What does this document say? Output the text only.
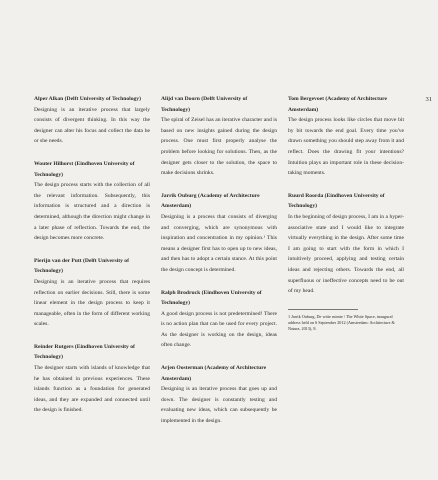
31

Alper Alkan (Delft University of Technology)

Designing is an iterative process that largely consists of divergent thinking. In this way the designer can alter his focus and collect the data he or she needs.

Wouter Hilhorst (Eindhoven University of Technology)

The design process starts with the collection of all the relevant information. Subsequently, this information is structured and a direction is determined, although the direction might change in a later phase of reflection. Towards the end, the design becomes more concrete.

Pierijn van der Putt (Delft University of Technology)

Designing is an iterative process that requires reflection on earlier decisions. Still, there is some linear element in the design process to keep it manageable, often in the form of different working scales.

Reinder Rutgers (Eindhoven University of Technology)

The designer starts with islands of knowledge that he has obtained in previous experiences. These islands function as a foundation for generated ideas, and they are expanded and connected until the design is finished.

Alijd van Doorn (Delft University of Technology)

The spiral of Zeisel has an iterative character and is based on new insights gained during the design process. One must first properly analyse the problem before looking for solutions. Then, as the designer gets closer to the solution, the space to make decisions shrinks.

Jarrik Ouburg (Academy of Architecture Amsterdam)

Designing is a process that consists of diverging and converging, which are synonymous with inspiration and concentration in my opinion.¹ This means a designer first has to open up to new ideas, and then has to adopt a certain stance. At this point the design concept is determined.

Ralph Brodruck (Eindhoven University of Technology)

A good design process is not predetermined! There is no action plan that can be used for every project. As the designer is working on the design, ideas often change.

Arjen Oosterman (Academy of Architecture Amsterdam)

Designing is an iterative process that goes up and down. The designer is constantly testing and evaluating new ideas, which can subsequently be implemented in the design.

Tom Bergevoet (Academy of Architecture Amsterdam)

The design process looks like circles that move bit by bit towards the end goal. Every time you've drawn something you should step away from it and reflect. Does the drawing fit your intentions? Intuition plays an important role in these decision-taking moments.

Ruurd Roorda (Eindhoven University of Technology)

In the beginning of design process, I am in a hyper-associative state and I would like to integrate virtually everything in the design. After some time I am going to start with the form in which I intuitively proceed, applying and testing certain ideas and rejecting others. Towards the end, all superfluous or ineffective concepts need to be out of my head.

1 Jarrik Ouburg, De witte ruimte / The White Space, inaugural address held on 6 September 2012 (Amsterdam: Architecture & Natura, 2013), 8.
